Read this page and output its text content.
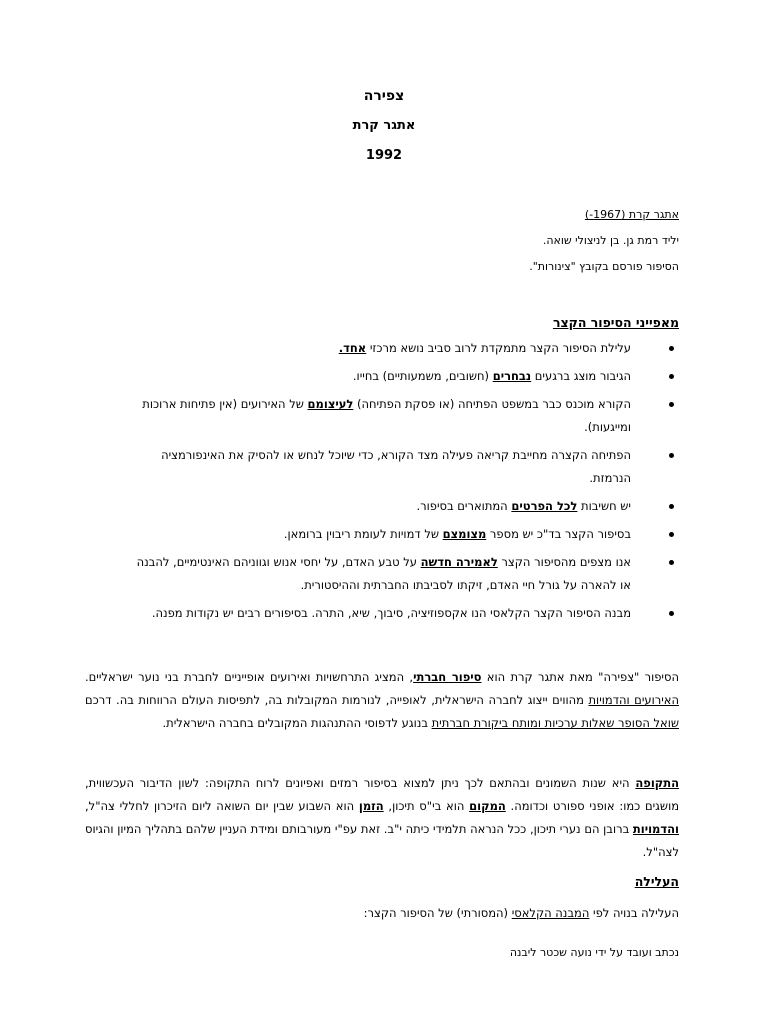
צפירה
אתגר קרת
1992
אתגר קרת (1967-)
יליד רמת גן. בן לניצולי שואה.
הסיפור פורסם בקובץ "צינורות".
מאפייני הסיפור הקצר
עלילת הסיפור הקצר מתמקדת לרוב סביב נושא מרכזי אחד.
הגיבור מוצג ברגעים נבחרים (חשובים, משמעותיים) בחייו.
הקורא מוכנס כבר במשפט הפתיחה (או פסקת הפתיחה) לעיצומם של האירועים (אין פתיחות ארוכות ומייגעות).
הפתיחה הקצרה מחייבת קריאה פעילה מצד הקורא, כדי שיוכל לנחש או להסיק את האינפורמציה הנרמזת.
יש חשיבות לכל הפרטים המתוארים בסיפור.
בסיפור הקצר בד"כ יש מספר מצומצם של דמויות לעומת ריבוין ברומאן.
אנו מצפים מהסיפור הקצר לאמירה חדשה על טבע האדם, על יחסי אנוש וגווניהם האינטימיים, להבנה או להארה על גורל חיי האדם, זיקתו לסביבתו החברתית וההיסטורית.
מבנה הסיפור הקצר הקלאסי הנו אקספוזיציה, סיבוך, שיא, התרה. בסיפורים רבים יש נקודות מפנה.
הסיפור "צפירה" מאת אתגר קרת הוא סיפור חברתי, המציג התרחשויות ואירועים אופייניים לחברת בני נוער ישראליים. האירועים והדמויות מהווים ייצוג לחברה הישראלית, לאופייה, לנורמות המקובלות בה, לתפיסות העולם הרווחות בה. דרכם שואל הסופר שאלות ערכיות ומותח ביקורת חברתית בנוגע לדפוסי ההתנהגות המקובלים בחברה הישראלית.
התקופה היא שנות השמונים ובהתאם לכך ניתן למצוא בסיפור רמזים ואפיונים לרוח התקופה: לשון הדיבור העכשווית, מושגים כמו: אופני ספורט וכדומה. המקום הוא בי"ס תיכון, הזמן הוא השבוע שבין יום השואה ליום הזיכרון לחללי צה"ל, והדמויות ברובן הם נערי תיכון, ככל הנראה תלמידי כיתה י"ב. זאת עפ"י מעורבותם ומידת העניין שלהם בתהליך המיון והגיוס לצה"ל.
העלילה
העלילה בנויה לפי המבנה הקלאסי (המסורתי) של הסיפור הקצר:
נכתב ועובד על ידי נועה שכטר ליבנה
